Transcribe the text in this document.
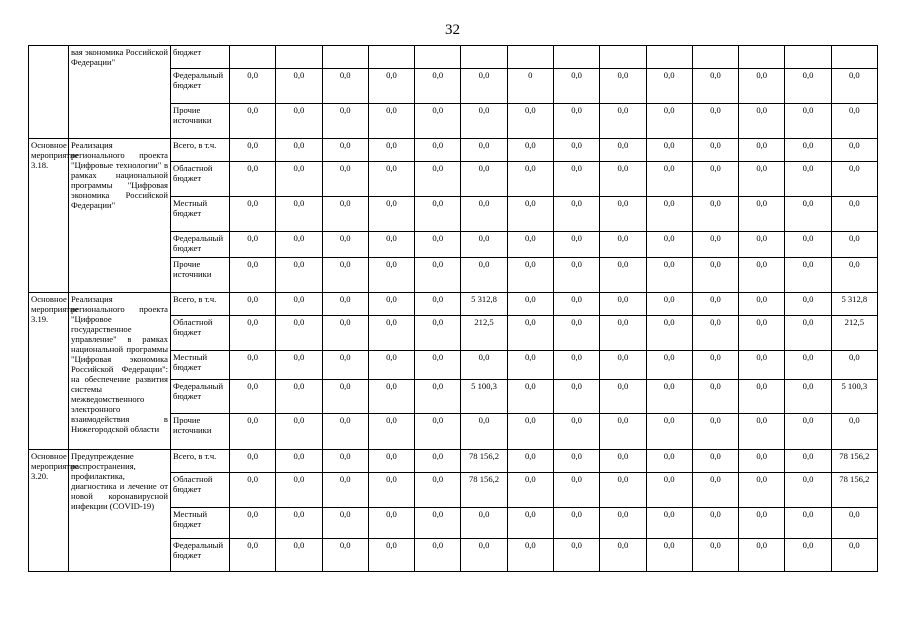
32
	вая экономика Российской Федерации"	бюджет														
		Федеральный бюджет	0,0	0,0	0,0	0,0	0,0	0,0	0	0,0	0,0	0,0	0,0	0,0	0,0	0,0
		Прочие источники	0,0	0,0	0,0	0,0	0,0	0,0	0,0	0,0	0,0	0,0	0,0	0,0	0,0	0,0
Основное мероприятие 3.18.	Реализация регионального проекта "Цифровые технологии" в рамках национальной программы "Цифровая экономика Российской Федерации"	Всего, в т.ч.	0,0	0,0	0,0	0,0	0,0	0,0	0,0	0,0	0,0	0,0	0,0	0,0	0,0	0,0
		Областной бюджет	0,0	0,0	0,0	0,0	0,0	0,0	0,0	0,0	0,0	0,0	0,0	0,0	0,0	0,0
		Местный бюджет	0,0	0,0	0,0	0,0	0,0	0,0	0,0	0,0	0,0	0,0	0,0	0,0	0,0	0,0
		Федеральный бюджет	0,0	0,0	0,0	0,0	0,0	0,0	0,0	0,0	0,0	0,0	0,0	0,0	0,0	0,0
		Прочие источники	0,0	0,0	0,0	0,0	0,0	0,0	0,0	0,0	0,0	0,0	0,0	0,0	0,0	0,0
Основное мероприятие 3.19.	Реализация регионального проекта "Цифровое государственное управление" в рамках национальной программы "Цифровая экономика Российской Федерации": на обеспечение развития системы межведомственного электронного взаимодействия в Нижегородской области	Всего, в т.ч.	0,0	0,0	0,0	0,0	0,0	5 312,8	0,0	0,0	0,0	0,0	0,0	0,0	0,0	5 312,8
		Областной бюджет	0,0	0,0	0,0	0,0	0,0	212,5	0,0	0,0	0,0	0,0	0,0	0,0	0,0	212,5
		Местный бюджет	0,0	0,0	0,0	0,0	0,0	0,0	0,0	0,0	0,0	0,0	0,0	0,0	0,0	0,0
		Федеральный бюджет	0,0	0,0	0,0	0,0	0,0	5 100,3	0,0	0,0	0,0	0,0	0,0	0,0	0,0	5 100,3
		Прочие источники	0,0	0,0	0,0	0,0	0,0	0,0	0,0	0,0	0,0	0,0	0,0	0,0	0,0	0,0
Основное мероприятие 3.20.	Предупреждение распространения, профилактика, диагностика и лечение от новой коронавирусной инфекции (COVID-19)	Всего, в т.ч.	0,0	0,0	0,0	0,0	0,0	78 156,2	0,0	0,0	0,0	0,0	0,0	0,0	0,0	78 156,2
		Областной бюджет	0,0	0,0	0,0	0,0	0,0	78 156,2	0,0	0,0	0,0	0,0	0,0	0,0	0,0	78 156,2
		Местный бюджет	0,0	0,0	0,0	0,0	0,0	0,0	0,0	0,0	0,0	0,0	0,0	0,0	0,0	0,0
		Федеральный бюджет	0,0	0,0	0,0	0,0	0,0	0,0	0,0	0,0	0,0	0,0	0,0	0,0	0,0	0,0
